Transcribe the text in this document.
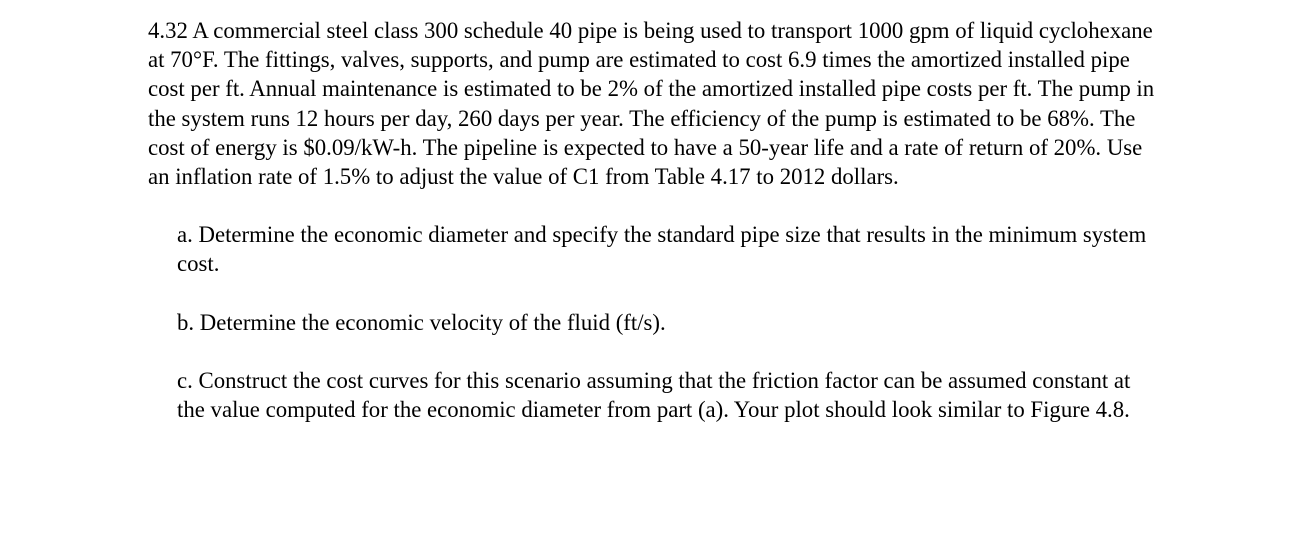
4.32 A commercial steel class 300 schedule 40 pipe is being used to transport 1000 gpm of liquid cyclohexane at 70°F. The fittings, valves, supports, and pump are estimated to cost 6.9 times the amortized installed pipe cost per ft. Annual maintenance is estimated to be 2% of the amortized installed pipe costs per ft. The pump in the system runs 12 hours per day, 260 days per year. The efficiency of the pump is estimated to be 68%. The cost of energy is $0.09/kW-h. The pipeline is expected to have a 50-year life and a rate of return of 20%. Use an inflation rate of 1.5% to adjust the value of C1 from Table 4.17 to 2012 dollars.

a. Determine the economic diameter and specify the standard pipe size that results in the minimum system cost.
b. Determine the economic velocity of the fluid (ft/s).
c. Construct the cost curves for this scenario assuming that the friction factor can be assumed constant at the value computed for the economic diameter from part (a). Your plot should look similar to Figure 4.8.
